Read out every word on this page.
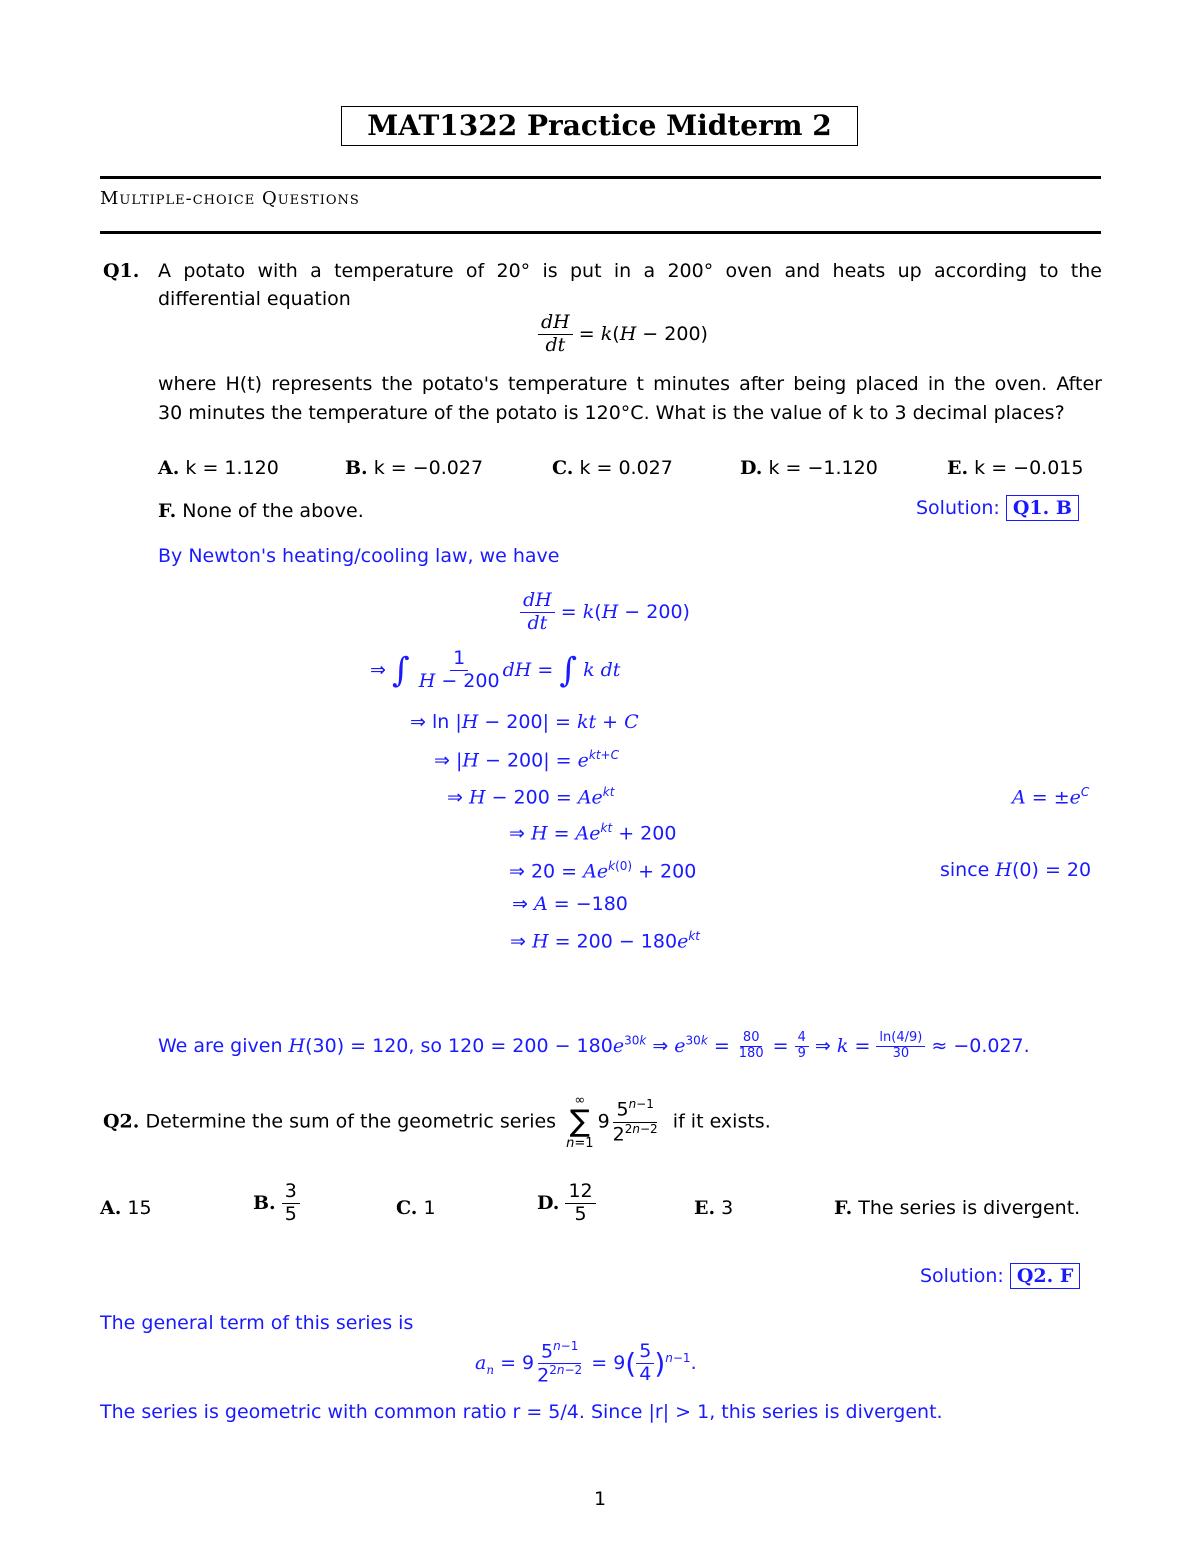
MAT1322 Practice Midterm 2
Multiple-choice Questions
Q1. A potato with a temperature of 20° is put in a 200° oven and heats up according to the
differential equation
$\frac{dH}{dt} = k(H - 200)$
where H(t) represents the potato's temperature t minutes after being placed in the oven. After
30 minutes the temperature of the potato is 120°C. What is the value of k to 3 decimal places?
A. k = 1.120	B. k = −0.027	C. k = 0.027	D. k = −1.120	E. k = −0.015
F. None of the above.	Solution: Q1. B
By Newton's heating/cooling law, we have
$\frac{dH}{dt} = k(H - 200)$
⇒ ∫ $\frac{1}{H - 200}$ dH = ∫ k dt
⇒ ln |H − 200| = kt + C
⇒ $|H - 200| = e^{kt+C}$
⇒ $H - 200 = Ae^{kt}$	$A = \pm e^C$
⇒ $H = Ae^{kt} + 200$
⇒ $20 = Ae^{k(0)} + 200$	since H(0) = 20
⇒ A = −180
⇒ $H = 200 - 180e^{kt}$
We are given H(30) = 120, so $120 = 200 - 180e^{30k}$ ⇒ $e^{30k} = \frac{80}{180} = \frac{4}{9}$ ⇒ $k = \frac{\ln(4/9)}{30} \approx -0.027$.
Q2. Determine the sum of the geometric series
∞
∑
n=1
$9 \frac{5^{n-1}}{2^{2n-2}}$ if it exists.
A. 15	B. $\frac{3}{5}$	C. 1	D. $\frac{12}{5}$	E. 3	F. The series is divergent.
Solution: Q2. F
The general term of this series is
$a_n = 9 \frac{5^{n-1}}{2^{2n-2}} = 9( \frac{5}{4} )^{n-1}$.
The series is geometric with common ratio r = 5/4. Since |r| > 1, this series is divergent.
1
